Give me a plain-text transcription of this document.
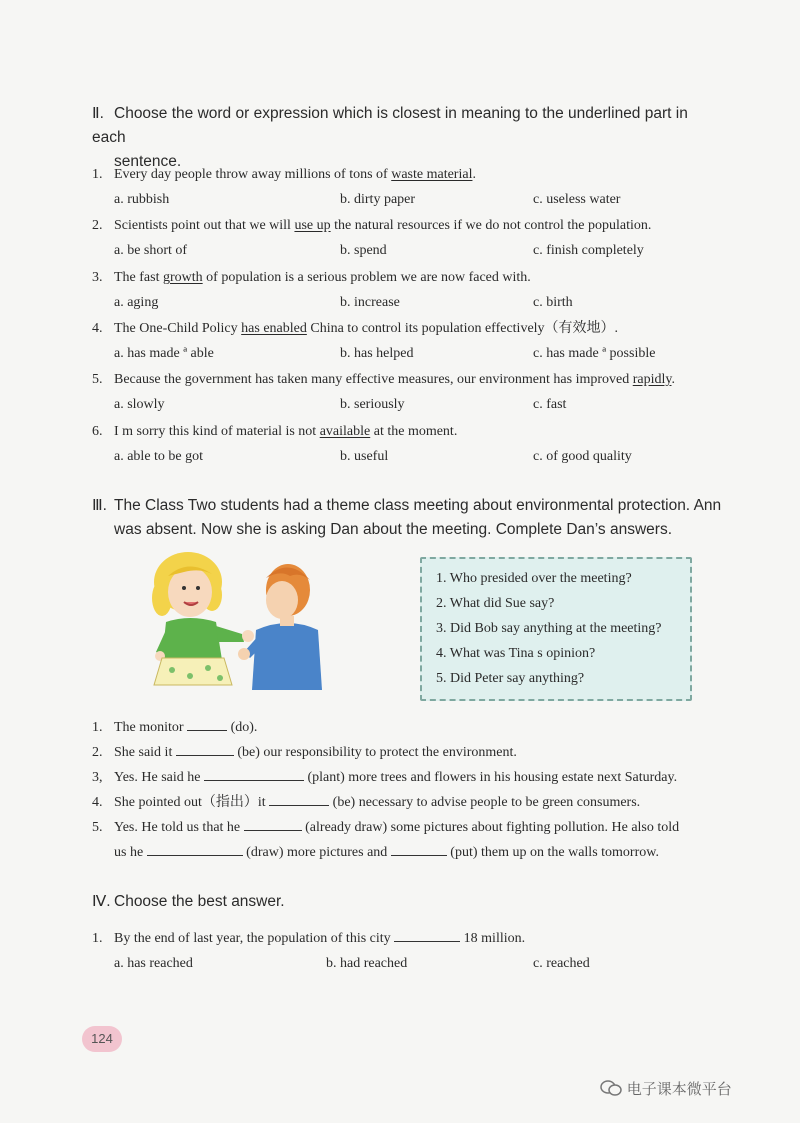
Ⅱ. Choose the word or expression which is closest in meaning to the underlined part in each
sentence.
1. Every day people throw away millions of tons of waste material.
a. rubbish	b. dirty paper	c. useless water
2. Scientists point out that we will use up the natural resources if we do not control the population.
a. be short of	b. spend	c. finish completely
3. The fast growth of population is a serious problem we are now faced with.
a. aging	b. increase	c. birth
4. The One-Child Policy has enabled China to control its population effectively（有效地）.
a. has made ª able	b. has helped	c. has made ª possible
5. Because the government has taken many effective measures, our environment has improved rapidly.
a. slowly	b. seriously	c. fast
6. I m sorry this kind of material is not available at the moment.
a. able to be got	b. useful	c. of good quality
Ⅲ. The Class Two students had a theme class meeting about environmental protection. Ann
was absent. Now she is asking Dan about the meeting. Complete Dan’s answers.
1. Who presided over the meeting?
2. What did Sue say?
3. Did Bob say anything at the meeting?
4. What was Tina s opinion?
5. Did Peter say anything?
1. The monitor	(do).
2. She said it	(be) our responsibility to protect the environment.
3, Yes. He said he	(plant) more trees and flowers in his housing estate next Saturday.
4. She pointed out（指出）it	(be) necessary to advise people to be green consumers.
5. Yes. He told us that he	(already draw) some pictures about fighting pollution. He also told
us he	(draw) more pictures and	(put) them up on the walls tomorrow.
Ⅳ. Choose the best answer.
1. By the end of last year, the population of this city	18 million.
a. has reached	b. had reached	c. reached
124
电子课本微平台
